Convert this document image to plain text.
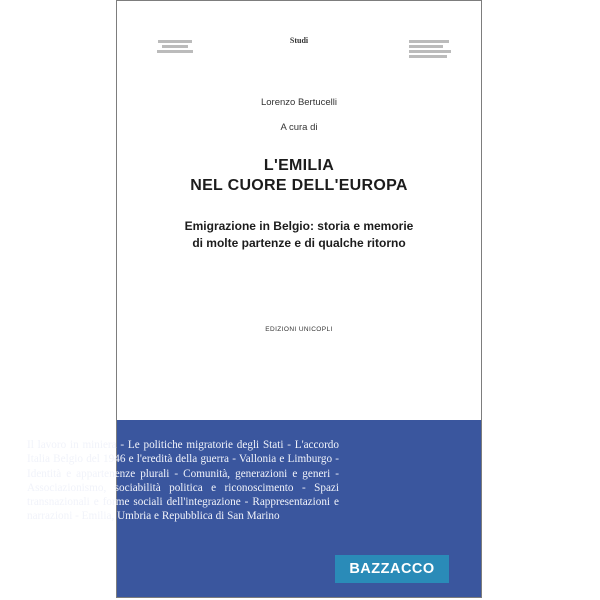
Studi
Lorenzo Bertucelli
A cura di
L'EMILIA
NEL CUORE DELL'EUROPA
Emigrazione in Belgio: storia e memorie
di molte partenze e di qualche ritorno
EDIZIONI UNICOPLI

Il lavoro in miniera - Le politiche migratorie degli Stati - L'accordo Italia Belgio del 1946 e l'eredità della guerra - Vallonia e Limburgo - Identità e appartenenze plurali - Comunità, generazioni e generi - Associazionismo, sociabilità politica e riconoscimento - Spazi transnazionali e forme sociali dell'integrazione - Rappresentazioni e narrazioni - Emilia, Umbria e Repubblica di San Marino

BAZZACCO
